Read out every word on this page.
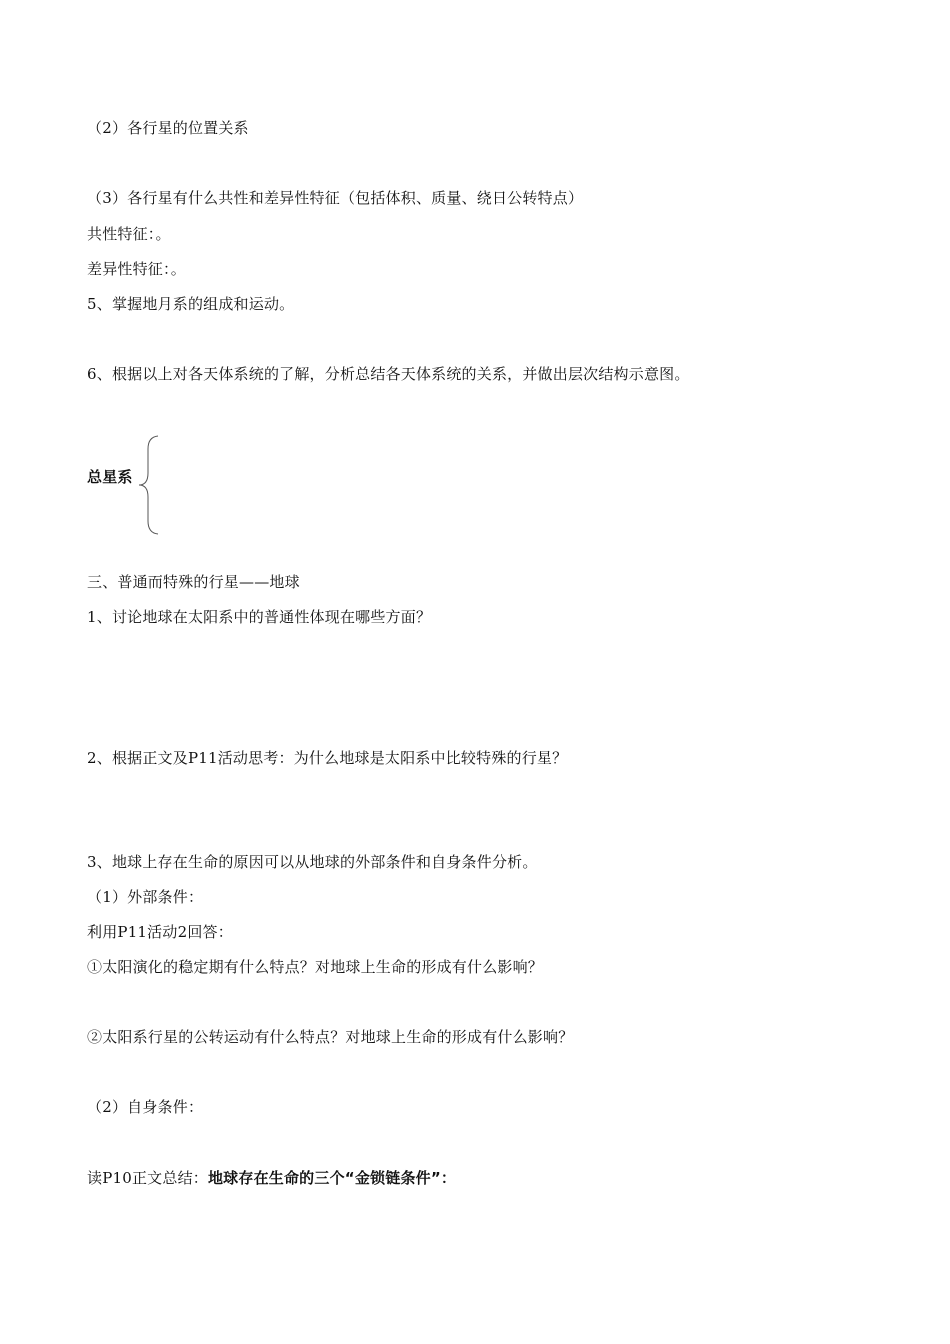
（2）各行星的位置关系
（3）各行星有什么共性和差异性特征（包括体积、质量、绕日公转特点）
共性特征：。
差异性特征：。
5、掌握地月系的组成和运动。
6、根据以上对各天体系统的了解，分析总结各天体系统的关系，并做出层次结构示意图。
总星系
三、普通而特殊的行星——地球
1、讨论地球在太阳系中的普通性体现在哪些方面？
2、根据正文及P11活动思考：为什么地球是太阳系中比较特殊的行星？
3、地球上存在生命的原因可以从地球的外部条件和自身条件分析。
（1）外部条件：
利用P11活动2回答：
①太阳演化的稳定期有什么特点？对地球上生命的形成有什么影响？
②太阳系行星的公转运动有什么特点？对地球上生命的形成有什么影响？
（2）自身条件：
读P10正文总结：地球存在生命的三个“金锁链条件”：
